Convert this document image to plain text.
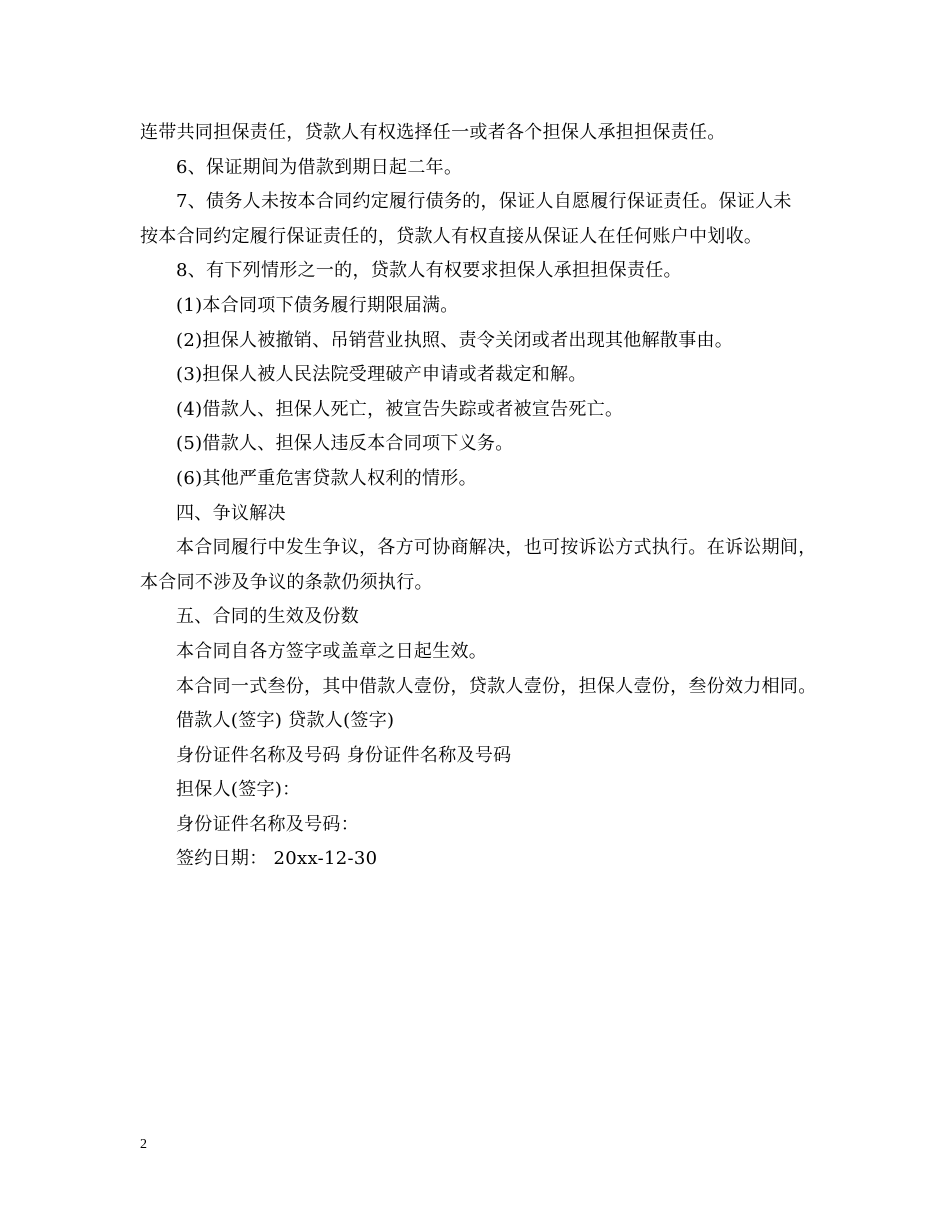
连带共同担保责任，贷款人有权选择任一或者各个担保人承担担保责任。
6、保证期间为借款到期日起二年。
7、债务人未按本合同约定履行债务的，保证人自愿履行保证责任。保证人未
按本合同约定履行保证责任的，贷款人有权直接从保证人在任何账户中划收。
8、有下列情形之一的，贷款人有权要求担保人承担担保责任。
(1)本合同项下债务履行期限届满。
(2)担保人被撤销、吊销营业执照、责令关闭或者出现其他解散事由。
(3)担保人被人民法院受理破产申请或者裁定和解。
(4)借款人、担保人死亡，被宣告失踪或者被宣告死亡。
(5)借款人、担保人违反本合同项下义务。
(6)其他严重危害贷款人权利的情形。
四、争议解决
本合同履行中发生争议，各方可协商解决，也可按诉讼方式执行。在诉讼期间，
本合同不涉及争议的条款仍须执行。
五、合同的生效及份数
本合同自各方签字或盖章之日起生效。
本合同一式叁份，其中借款人壹份，贷款人壹份，担保人壹份，叁份效力相同。
借款人(签字) 贷款人(签字)
身份证件名称及号码 身份证件名称及号码
担保人(签字)：
身份证件名称及号码：
签约日期： 20xx-12-30
2
